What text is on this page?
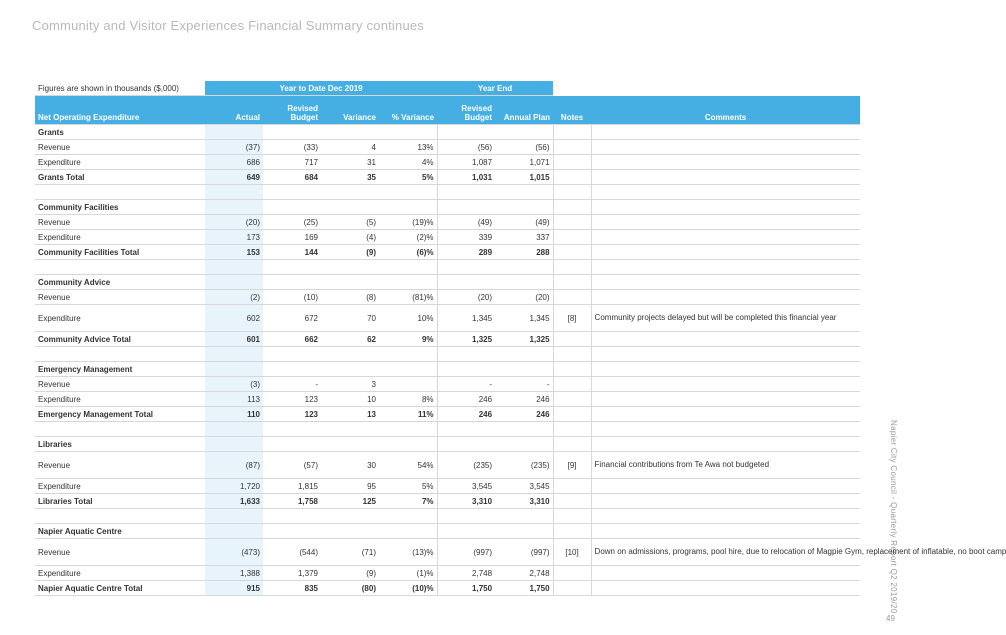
Community and Visitor Experiences Financial Summary continues
Napier City Council - Quarterly Report Q2 2019/20
49
Figures are shown in thousands ($,000)	Year to Date Dec 2019				Year End			
Net Operating Expenditure	Actual	Revised Budget	Variance	% Variance	Revised Budget	Annual Plan	Notes	Comments
Grants								
Revenue	(37)	(33)	4	13%	(56)	(56)		
Expenditure	686	717	31	4%	1,087	1,071		
Grants Total	649	684	35	5%	1,031	1,015		

Community Facilities								
Revenue	(20)	(25)	(5)	(19)%	(49)	(49)		
Expenditure	173	169	(4)	(2)%	339	337		
Community Facilities Total	153	144	(9)	(6)%	289	288		

Community Advice								
Revenue	(2)	(10)	(8)	(81)%	(20)	(20)		
Expenditure	602	672	70	10%	1,345	1,345	[8]	Community projects delayed but will be completed this financial year
Community Advice Total	601	662	62	9%	1,325	1,325		

Emergency Management								
Revenue	(3)	-	3		-	-		
Expenditure	113	123	10	8%	246	246		
Emergency Management Total	110	123	13	11%	246	246		

Libraries								
Revenue	(87)	(57)	30	54%	(235)	(235)	[9]	Financial contributions from Te Awa not budgeted
Expenditure	1,720	1,815	95	5%	3,545	3,545		
Libraries Total	1,633	1,758	125	7%	3,310	3,310		

Napier Aquatic Centre								
Revenue	(473)	(544)	(71)	(13)%	(997)	(997)	[10]	Down on admissions, programs, pool hire, due to relocation of Magpie Gym, replacement of inflatable, no boot camp
Expenditure	1,388	1,379	(9)	(1)%	2,748	2,748		
Napier Aquatic Centre Total	915	835	(80)	(10)%	1,750	1,750		
